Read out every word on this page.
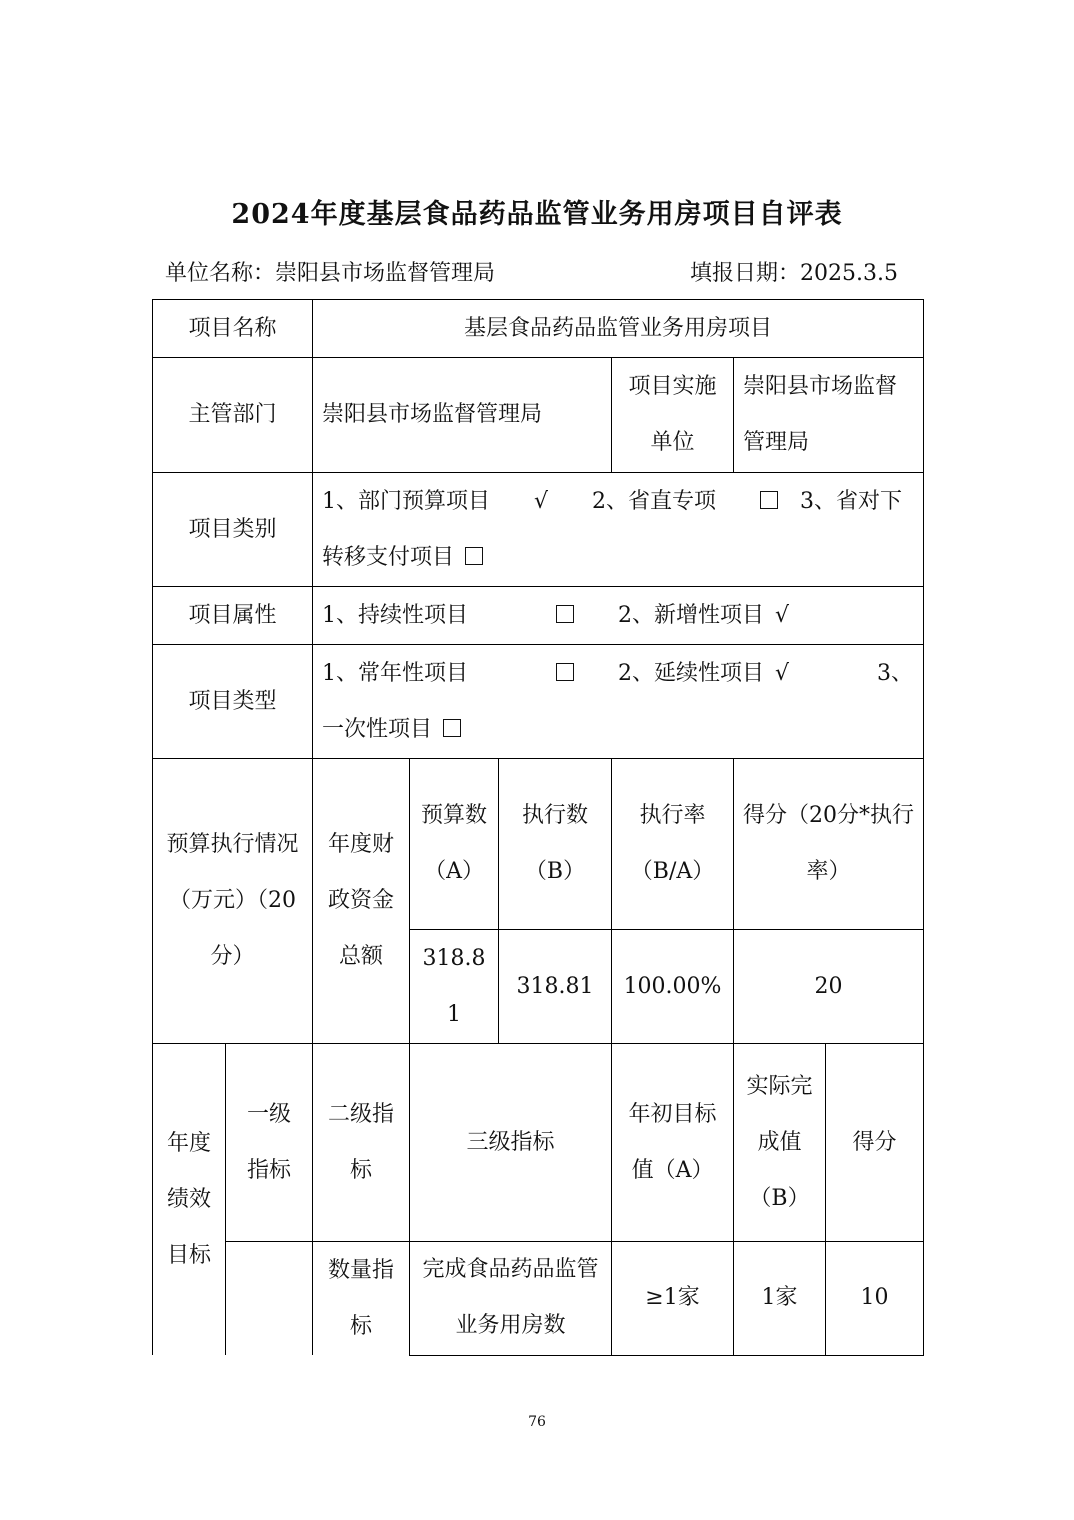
2024年度基层食品药品监管业务用房项目自评表
单位名称：崇阳县市场监督管理局	填报日期：2025.3.5
项目名称		基层食品药品监管业务用房项目					
主管部门		崇阳县市场监督管理局			项目实施单位	崇阳县市场监督管理局	
项目类别		1、部门预算项目   √   2、省直专项    3、省对下转移支付项目					 
项目属性		1、持续性项目       2、新增性项目  √					
项目类型		1、常年性项目       2、延续性项目  √     3、一次性项目					 
预算执行情况（万元）（20分）		年度财政资金总额	预算数（A）	执行数（B）	执行率（B/A）	得分（20分*执行率）	
			318.81	318.81	100.00%	20	
年度绩效目标	一级指标	二级指标	三级指标		年初目标值（A）	实际完成值（B）	得分
		数量指标	完成食品药品监管业务用房数		≥1家	1家	10
76
